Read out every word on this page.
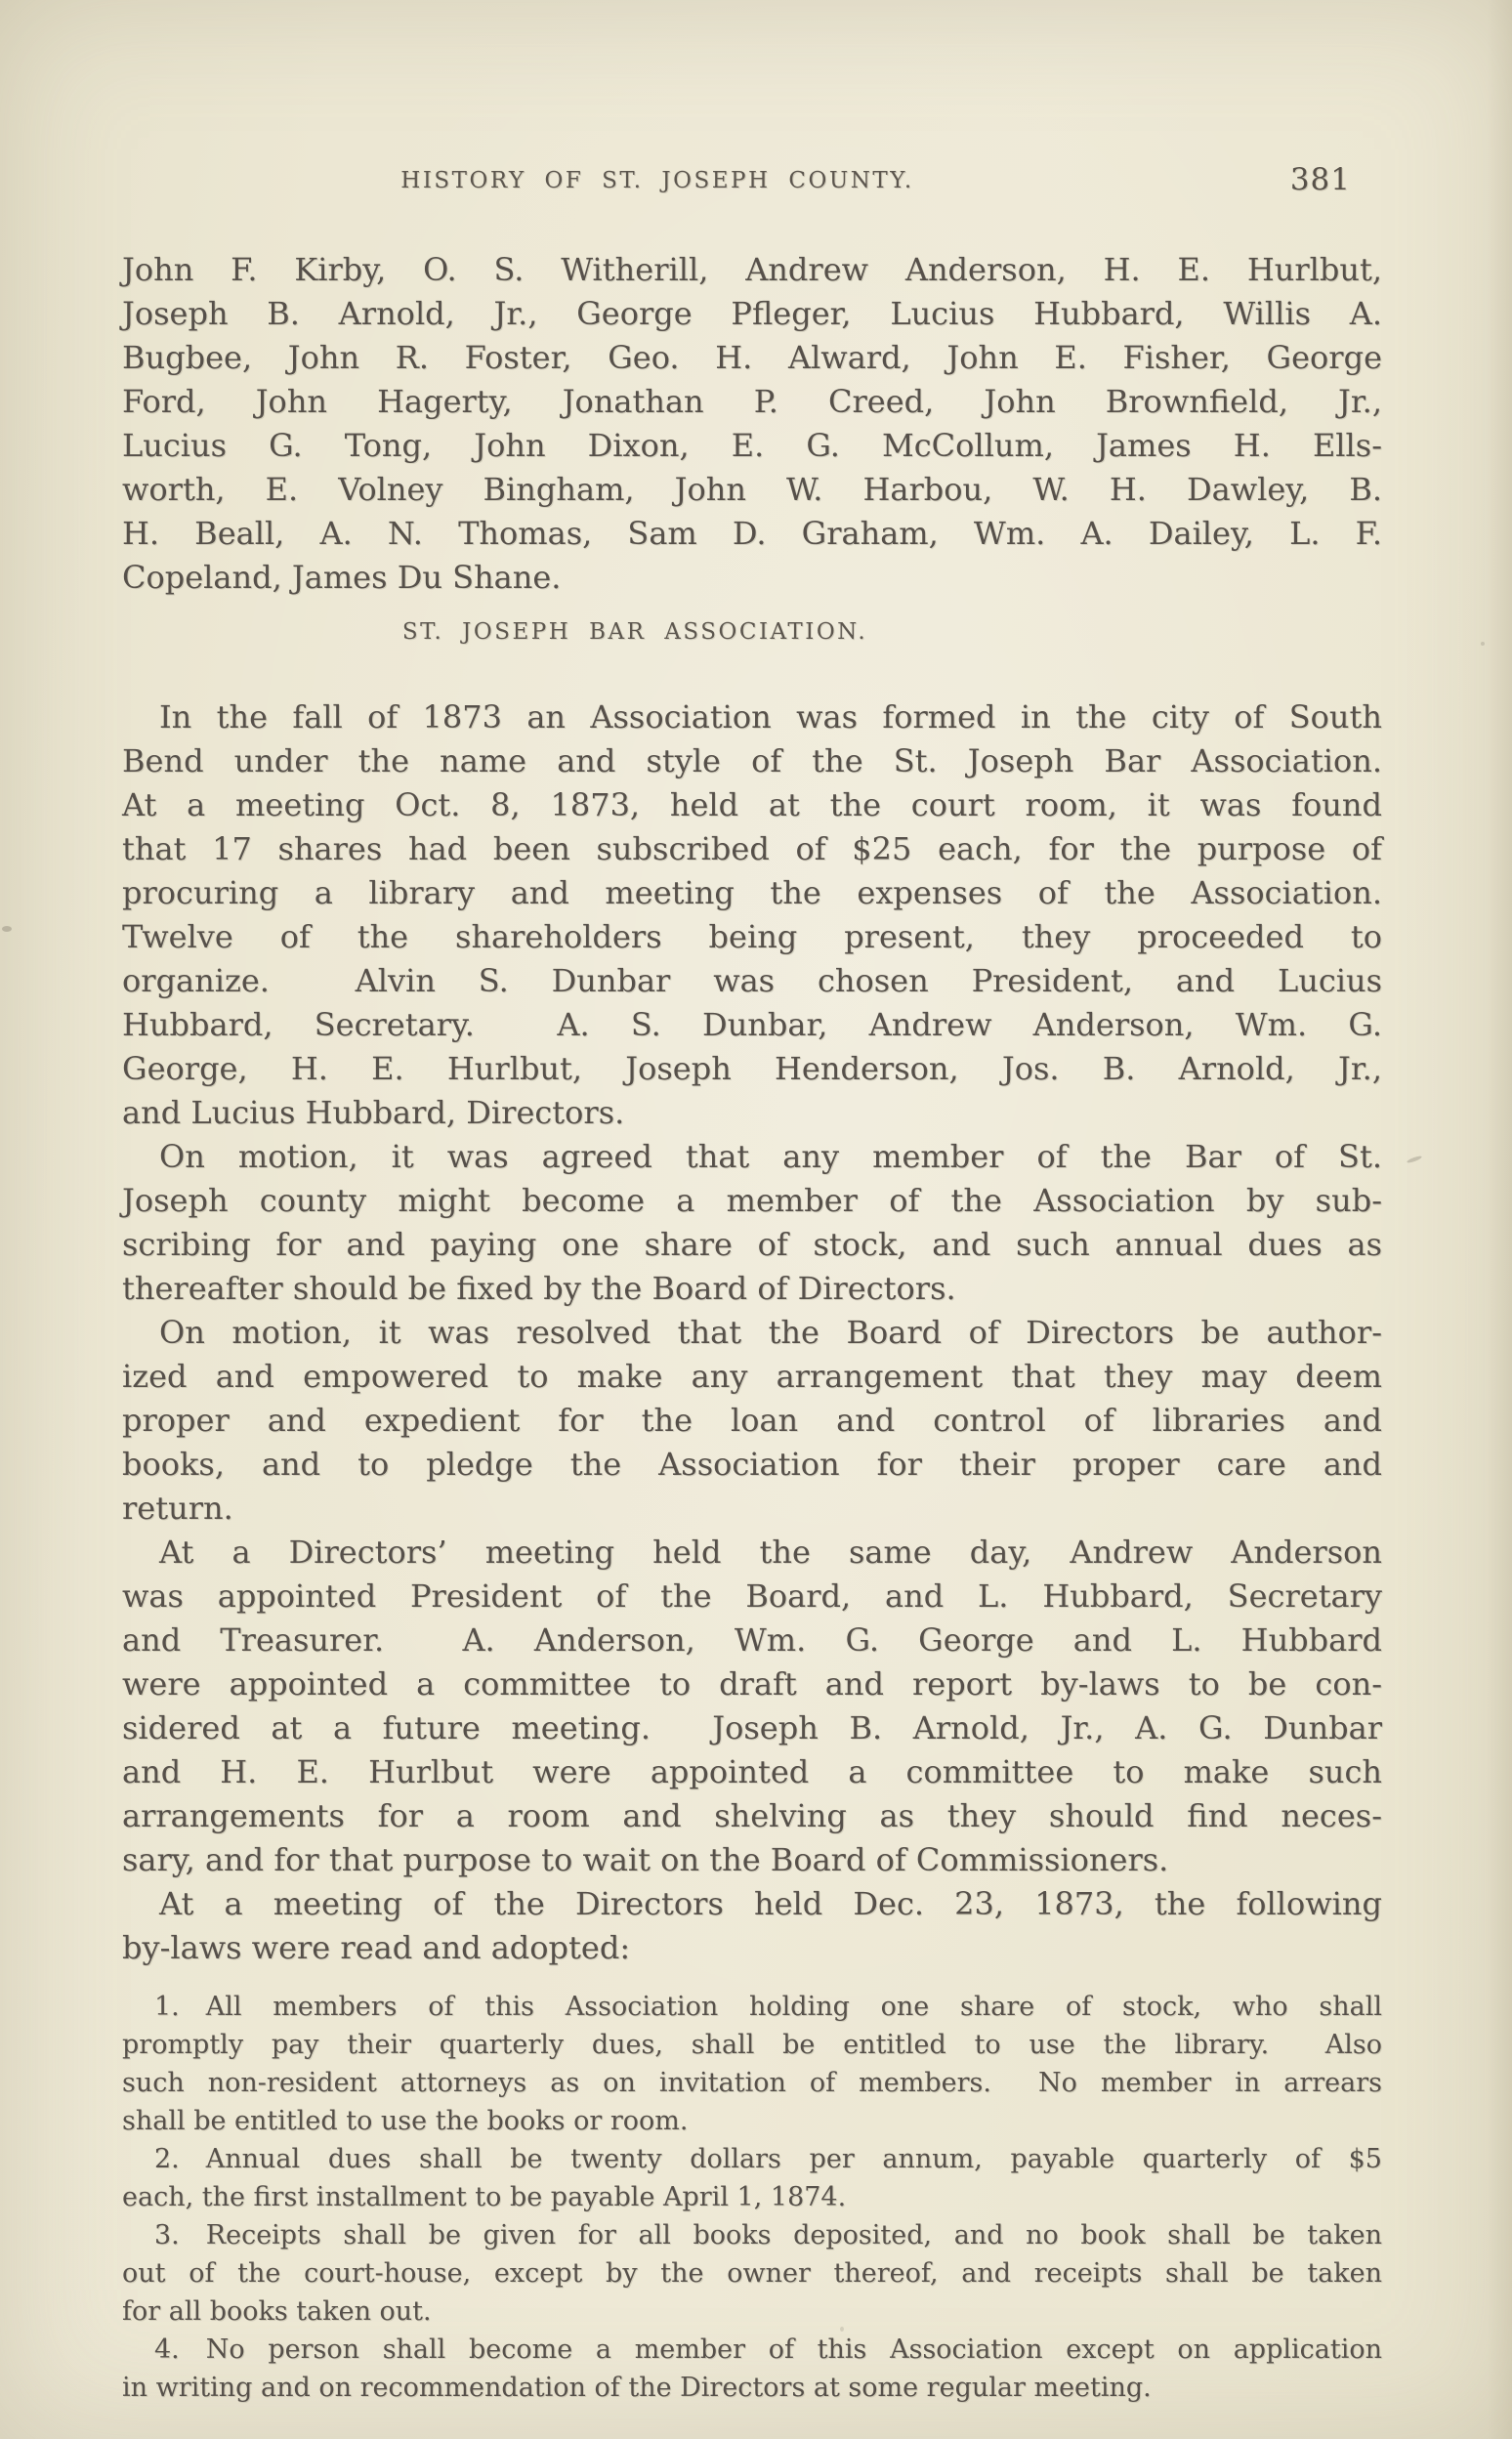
HISTORY OF ST. JOSEPH COUNTY.	381

John F. Kirby, O. S. Witherill, Andrew Anderson, H. E. Hurlbut,
Joseph B. Arnold, Jr., George Pfleger, Lucius Hubbard, Willis A.
Bugbee, John R. Foster, Geo. H. Alward, John E. Fisher, George
Ford, John Hagerty, Jonathan P. Creed, John Brownfield, Jr.,
Lucius G. Tong, John Dixon, E. G. McCollum, James H. Ells-
worth, E. Volney Bingham, John W. Harbou, W. H. Dawley, B.
H. Beall, A. N. Thomas, Sam D. Graham, Wm. A. Dailey, L. F.
Copeland, James Du Shane.

ST. JOSEPH BAR ASSOCIATION.

In the fall of 1873 an Association was formed in the city of South
Bend under the name and style of the St. Joseph Bar Association.
At a meeting Oct. 8, 1873, held at the court room, it was found
that 17 shares had been subscribed of $25 each, for the purpose of
procuring a library and meeting the expenses of the Association.
Twelve of the shareholders being present, they proceeded to
organize.  Alvin S. Dunbar was chosen President, and Lucius
Hubbard, Secretary.  A. S. Dunbar, Andrew Anderson, Wm. G.
George, H. E. Hurlbut, Joseph Henderson, Jos. B. Arnold, Jr.,
and Lucius Hubbard, Directors.

On motion, it was agreed that any member of the Bar of St.
Joseph county might become a member of the Association by sub-
scribing for and paying one share of stock, and such annual dues as
thereafter should be fixed by the Board of Directors.

On motion, it was resolved that the Board of Directors be author-
ized and empowered to make any arrangement that they may deem
proper and expedient for the loan and control of libraries and
books, and to pledge the Association for their proper care and
return.

At a Directors’ meeting held the same day, Andrew Anderson
was appointed President of the Board, and L. Hubbard, Secretary
and Treasurer.  A. Anderson, Wm. G. George and L. Hubbard
were appointed a committee to draft and report by-laws to be con-
sidered at a future meeting.  Joseph B. Arnold, Jr., A. G. Dunbar
and H. E. Hurlbut were appointed a committee to make such
arrangements for a room and shelving as they should find neces-
sary, and for that purpose to wait on the Board of Commissioners.

At a meeting of the Directors held Dec. 23, 1873, the following
by-laws were read and adopted:

1.  All members of this Association holding one share of stock, who shall
promptly pay their quarterly dues, shall be entitled to use the library.  Also
such non-resident attorneys as on invitation of members.  No member in arrears
shall be entitled to use the books or room.

2.  Annual dues shall be twenty dollars per annum, payable quarterly of $5
each, the first installment to be payable April 1, 1874.

3.  Receipts shall be given for all books deposited, and no book shall be taken
out of the court-house, except by the owner thereof, and receipts shall be taken
for all books taken out.

4.  No person shall become a member of this Association except on application
in writing and on recommendation of the Directors at some regular meeting.
